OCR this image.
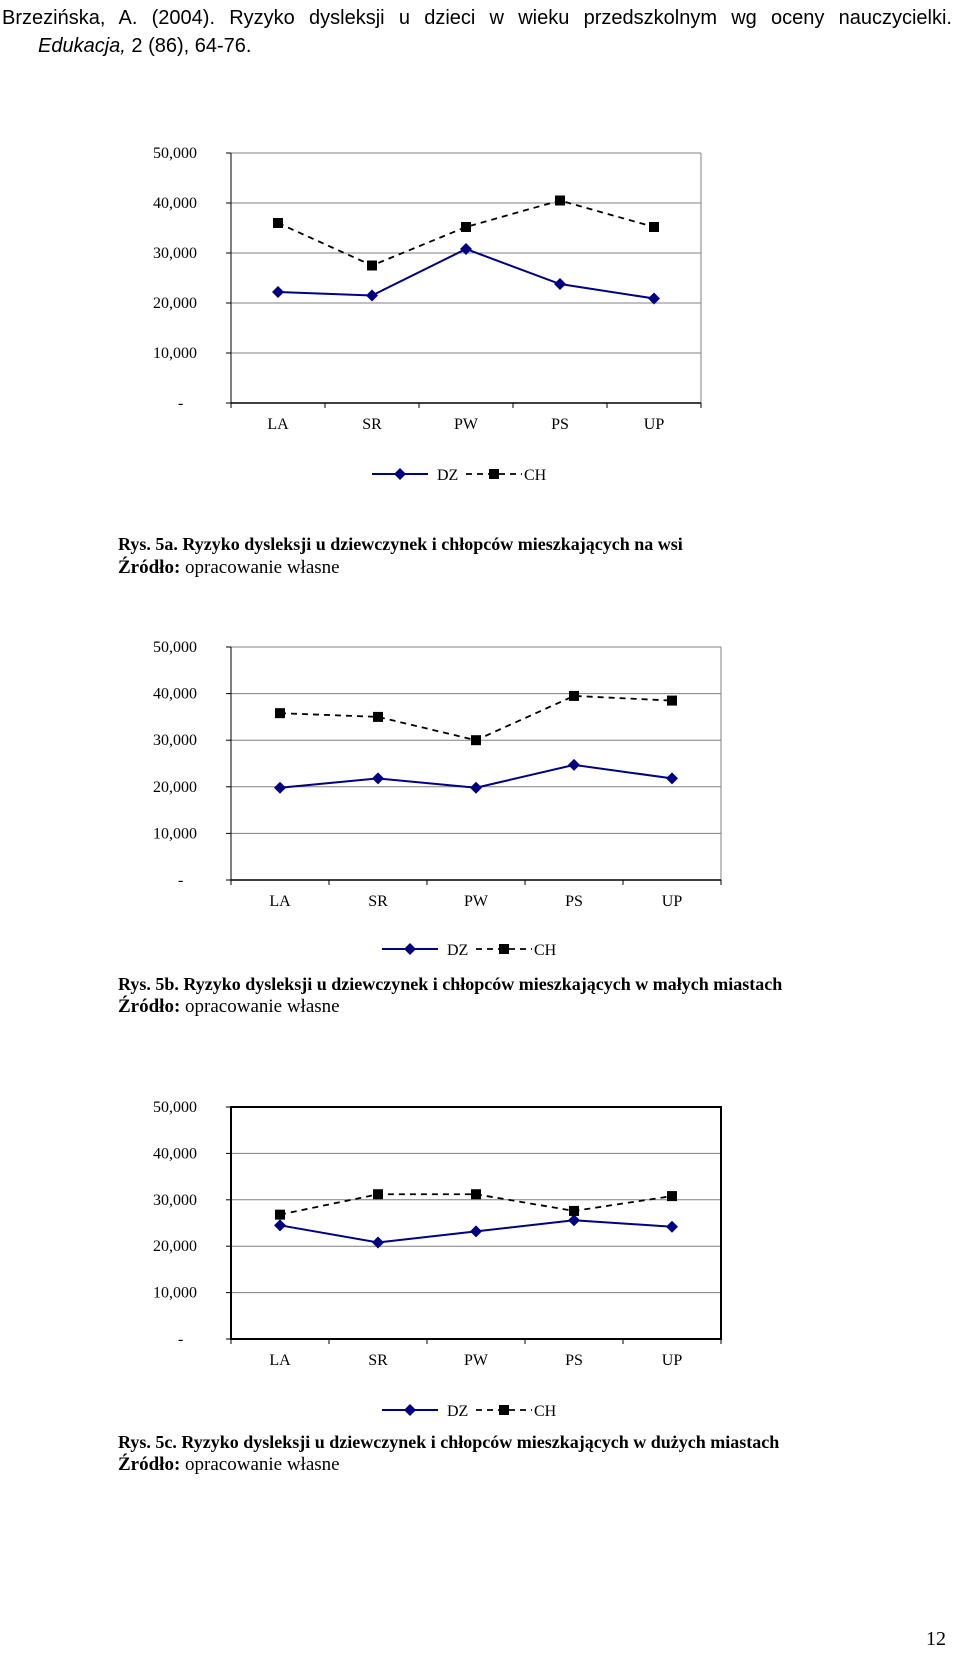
Brzezińska, A. (2004). Ryzyko dysleksji u dzieci w wieku przedszkolnym wg oceny nauczycielki.
Edukacja, 2 (86), 64-76.
-
10,000
20,000
30,000
40,000
50,000
LA	SR	PW	PS	UP
DZ	CH
Rys. 5a. Ryzyko dysleksji u dziewczynek i chłopców mieszkających na wsi
Źródło: opracowanie własne
-
10,000
20,000
30,000
40,000
50,000
LA	SR	PW	PS	UP
DZ	CH
Rys. 5b. Ryzyko dysleksji u dziewczynek i chłopców mieszkających w małych miastach
Źródło: opracowanie własne
-
10,000
20,000
30,000
40,000
50,000
LA	SR	PW	PS	UP
DZ	CH
Rys. 5c. Ryzyko dysleksji u dziewczynek i chłopców mieszkających w dużych miastach
Źródło: opracowanie własne
12
